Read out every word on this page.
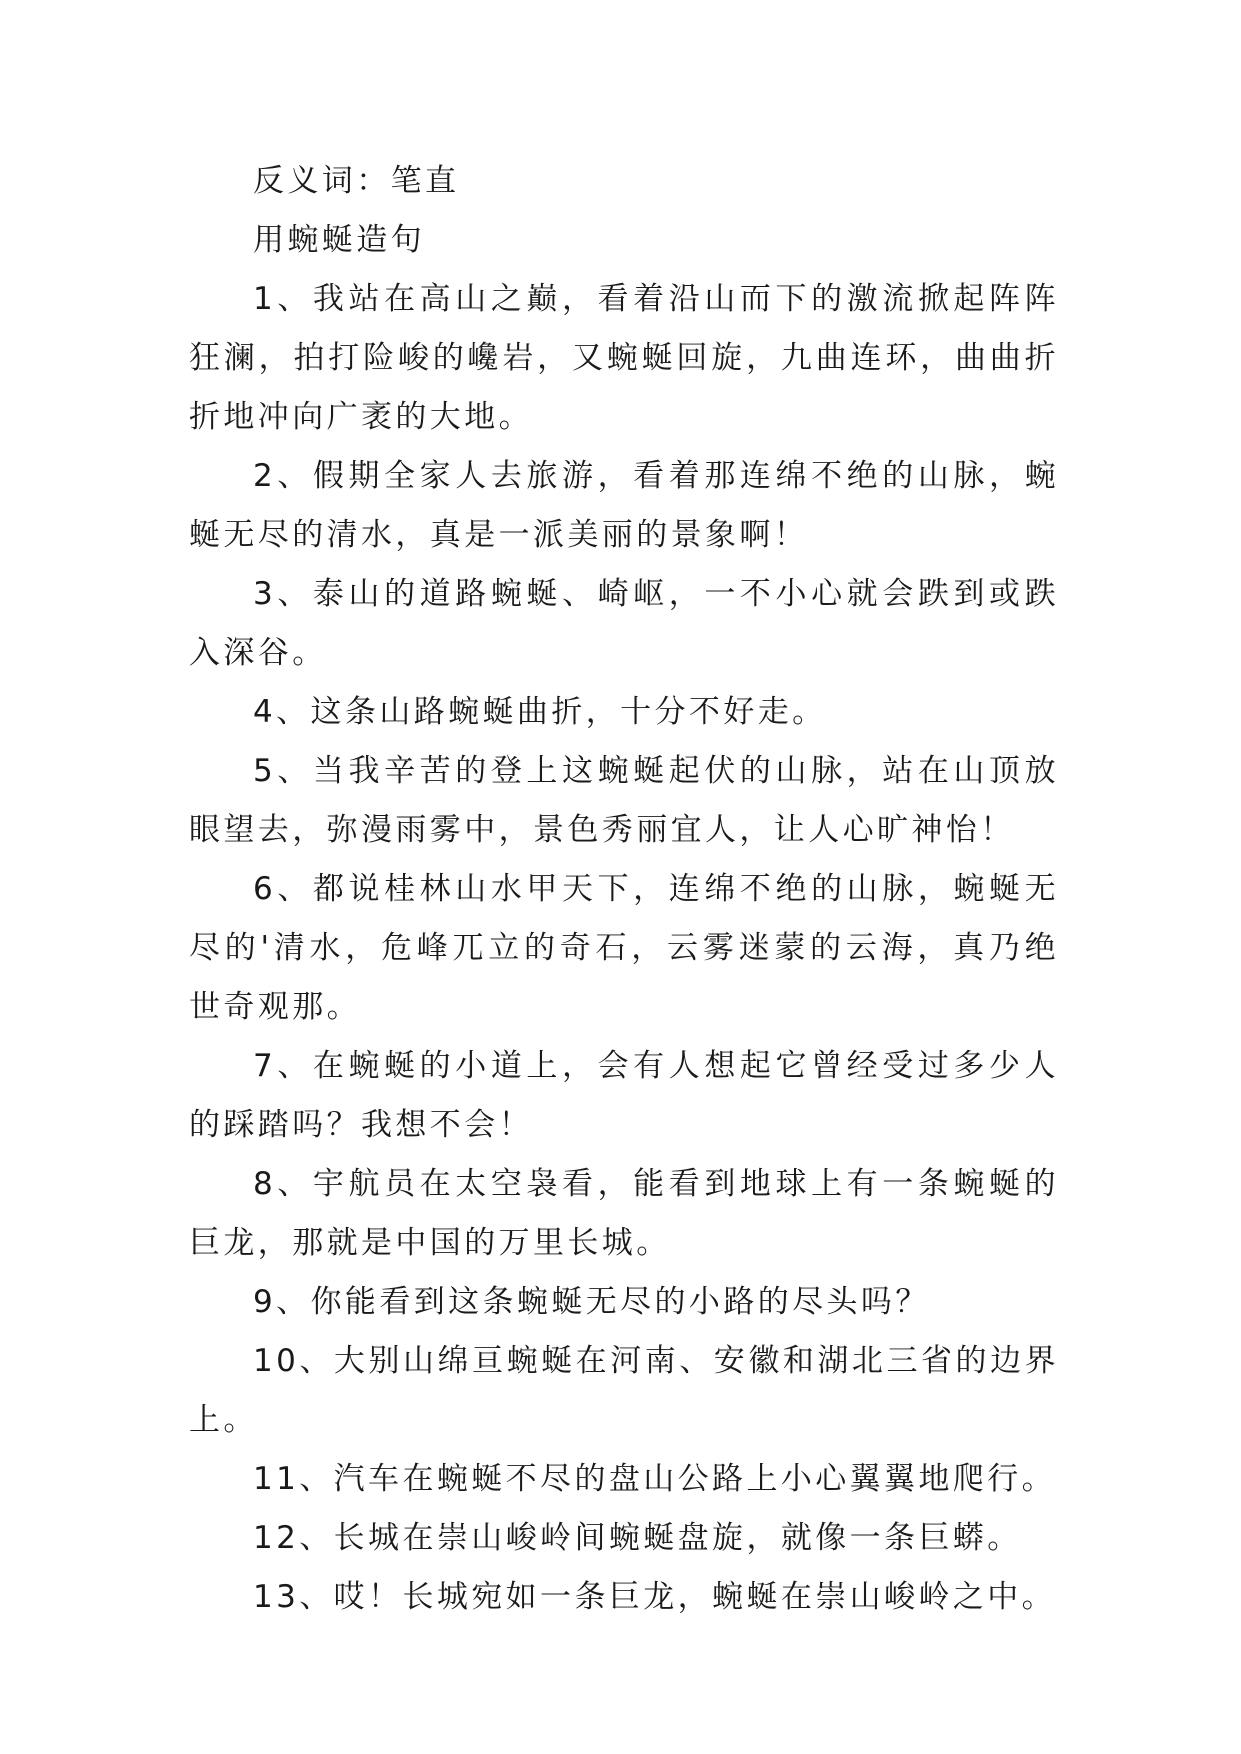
反义词：笔直

用蜿蜒造句

1、我站在高山之巅，看着沿山而下的激流掀起阵阵狂澜，拍打险峻的巉岩，又蜿蜒回旋，九曲连环，曲曲折折地冲向广袤的大地。

2、假期全家人去旅游，看着那连绵不绝的山脉，蜿蜒无尽的清水，真是一派美丽的景象啊！

3、泰山的道路蜿蜒、崎岖，一不小心就会跌到或跌入深谷。

4、这条山路蜿蜒曲折，十分不好走。

5、当我辛苦的登上这蜿蜒起伏的山脉，站在山顶放眼望去，弥漫雨雾中，景色秀丽宜人，让人心旷神怡！

6、都说桂林山水甲天下，连绵不绝的山脉，蜿蜒无尽的'清水，危峰兀立的奇石，云雾迷蒙的云海，真乃绝世奇观那。

7、在蜿蜒的小道上，会有人想起它曾经受过多少人的踩踏吗？我想不会！

8、宇航员在太空袅看，能看到地球上有一条蜿蜒的巨龙，那就是中国的万里长城。

9、你能看到这条蜿蜒无尽的小路的尽头吗？

10、大别山绵亘蜿蜒在河南、安徽和湖北三省的边界上。

11、汽车在蜿蜒不尽的盘山公路上小心翼翼地爬行。

12、长城在崇山峻岭间蜿蜒盘旋，就像一条巨蟒。

13、哎！长城宛如一条巨龙，蜿蜒在崇山峻岭之中。
